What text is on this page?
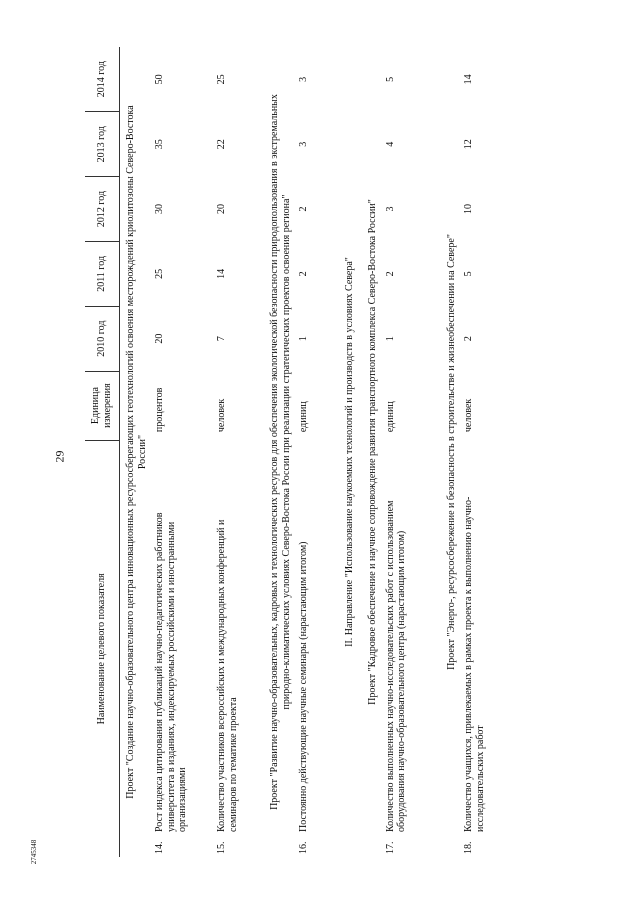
29
2745348
Наименование целевого показателя	Единица измерения	2010 год	2011 год	2012 год	2013 год	2014 год
Проект "Создание научно-образовательного центра инновационных ресурсосберегающих геотехнологий освоения месторождений криолитозоны Северо-Востока России"						
14.Рост индекса цитирования публикаций научно-педагогических работников университета в изданиях, индексируемых российскими и иностранными организациями	процентов	20	25	30	35	50
15.Количество участников всероссийских и международных конференций и семинаров по тематике проекта	человек	7	14	20	22	25
Проект "Развитие научно-образовательных, кадровых и технологических ресурсов для обеспечения экологической безопасности природопользования в экстремальных природно-климатических условиях Северо-Востока России при реализации стратегических проектов освоения региона"						
16.Постоянно действующие научные семинары (нарастающим итогом)	единиц	1	2	2	3	3
II. Направление "Использование наукоемких технологий и производств в условиях Севера"						
Проект "Кадровое обеспечение и научное сопровождение развития транспортного комплекса Северо-Востока России"						
17.Количество выполненных научно-исследовательских работ с использованием оборудования научно-образовательного центра (нарастающим итогом)	единиц	1	2	3	4	5
Проект "Энерго-, ресурсосбережение и безопасность в строительстве и жизнеобеспечении на Севере"						
18.Количество учащихся, привлекаемых в рамках проекта к выполнению научно-исследовательских работ	человек	2	5	10	12	14
